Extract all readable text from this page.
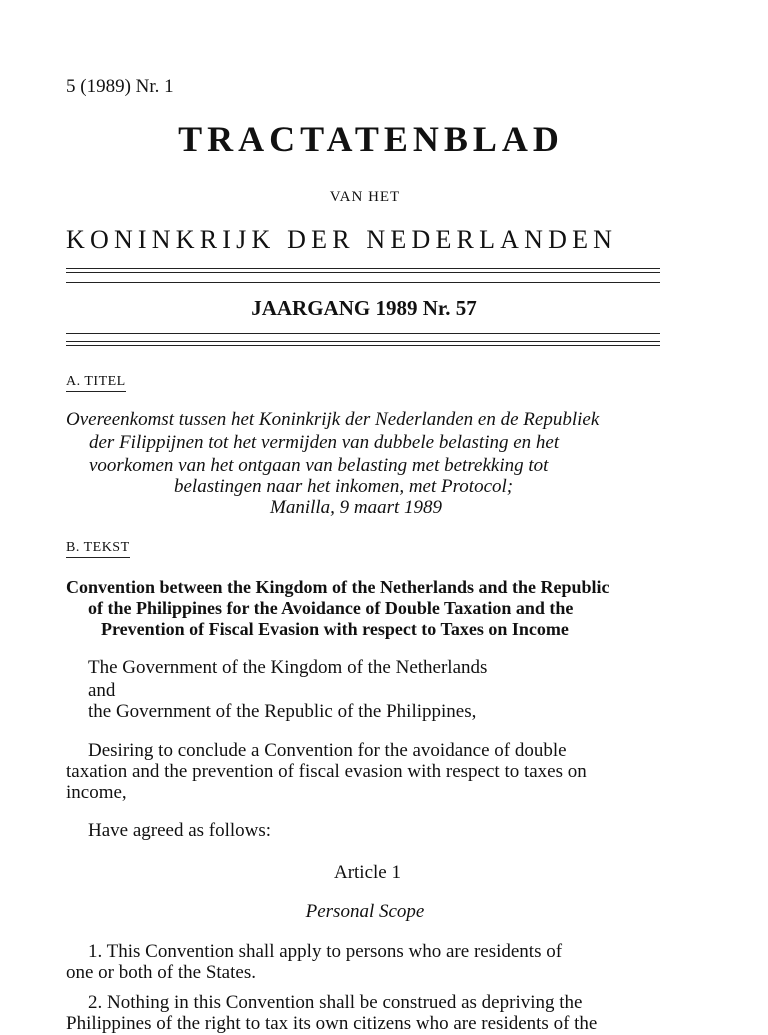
5 (1989) Nr. 1
TRACTATENBLAD
VAN HET
KONINKRIJK DER NEDERLANDEN
JAARGANG 1989 Nr. 57
A. TITEL
Overeenkomst tussen het Koninkrijk der Nederlanden en de Republiek
der Filippijnen tot het vermijden van dubbele belasting en het
voorkomen van het ontgaan van belasting met betrekking tot
belastingen naar het inkomen, met Protocol;
Manilla, 9 maart 1989
B. TEKST
Convention between the Kingdom of the Netherlands and the Republic
of the Philippines for the Avoidance of Double Taxation and the
Prevention of Fiscal Evasion with respect to Taxes on Income
The Government of the Kingdom of the Netherlands
and
the Government of the Republic of the Philippines,
Desiring to conclude a Convention for the avoidance of double
taxation and the prevention of fiscal evasion with respect to taxes on
income,
Have agreed as follows:
Article 1
Personal Scope
1. This Convention shall apply to persons who are residents of
one or both of the States.
2. Nothing in this Convention shall be construed as depriving the
Philippines of the right to tax its own citizens who are residents of the
